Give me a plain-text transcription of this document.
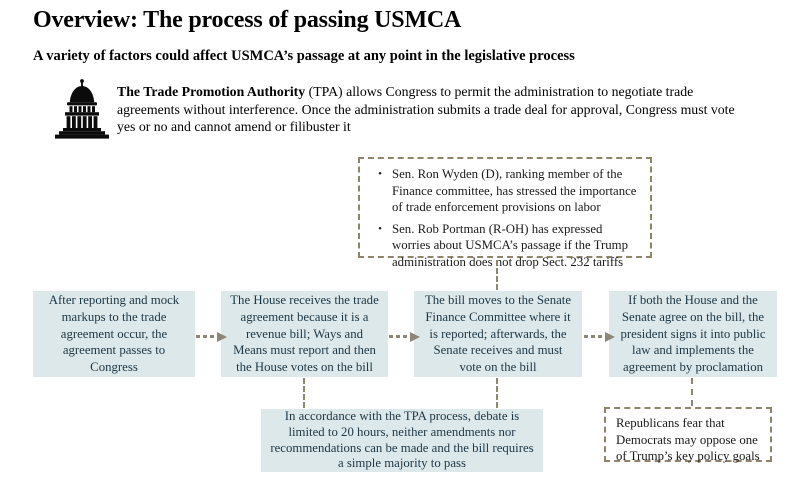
Overview: The process of passing USMCA
A variety of factors could affect USMCA’s passage at any point in the legislative process
The Trade Promotion Authority (TPA) allows Congress to permit the administration to negotiate trade agreements without interference. Once the administration submits a trade deal for approval, Congress must vote yes or no and cannot amend or filibuster it
• Sen. Ron Wyden (D), ranking member of the Finance committee, has stressed the importance of trade enforcement provisions on labor
• Sen. Rob Portman (R-OH) has expressed worries about USMCA’s passage if the Trump administration does not drop Sect. 232 tariffs
After reporting and mock markups to the trade agreement occur, the agreement passes to Congress
The House receives the trade agreement because it is a revenue bill; Ways and Means must report and then the House votes on the bill
The bill moves to the Senate Finance Committee where it is reported; afterwards, the Senate receives and must vote on the bill
If both the House and the Senate agree on the bill, the president signs it into public law and implements the agreement by proclamation
In accordance with the TPA process, debate is limited to 20 hours, neither amendments nor recommendations can be made and the bill requires a simple majority to pass
Republicans fear that Democrats may oppose one of Trump’s key policy goals
